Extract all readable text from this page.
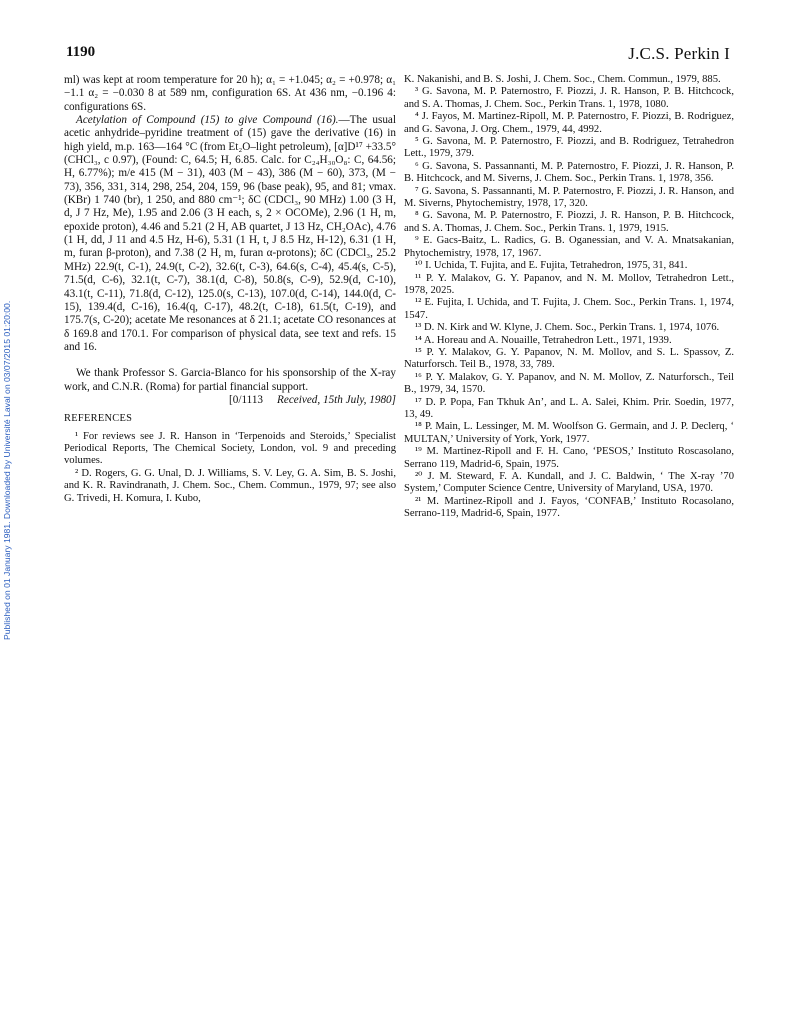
Published on 01 January 1981. Downloaded by Université Laval on 03/07/2015 01:20:00.
1190	J.C.S. Perkin I

ml) was kept at room temperature for 20 h); α₁ = +1.045; α₂ = +0.978; α₁ −1.1 α₂ = −0.030 8 at 589 nm, configuration 6S. At 436 nm, −0.196 4: configurations 6S.

Acetylation of Compound (15) to give Compound (16).—The usual acetic anhydride–pyridine treatment of (15) gave the derivative (16) in high yield, m.p. 163—164 °C (from Et₂O–light petroleum), [α]D¹⁷ +33.5° (CHCl₃, c 0.97), (Found: C, 64.5; H, 6.85. Calc. for C₂₄H₃₀O₈: C, 64.56; H, 6.77%); m/e 415 (M − 31), 403 (M − 43), 386 (M − 60), 373, (M − 73), 356, 331, 314, 298, 254, 204, 159, 96 (base peak), 95, and 81; νmax. (KBr) 1 740 (br), 1 250, and 880 cm⁻¹; δC (CDCl₃, 90 MHz) 1.00 (3 H, d, J 7 Hz, Me), 1.95 and 2.06 (3 H each, s, 2 × OCOMe), 2.96 (1 H, m, epoxide proton), 4.46 and 5.21 (2 H, AB quartet, J 13 Hz, CH₂OAc), 4.76 (1 H, dd, J 11 and 4.5 Hz, H-6), 5.31 (1 H, t, J 8.5 Hz, H-12), 6.31 (1 H, m, furan β-proton), and 7.38 (2 H, m, furan α-protons); δC (CDCl₃, 25.2 MHz) 22.9(t, C-1), 24.9(t, C-2), 32.6(t, C-3), 64.6(s, C-4), 45.4(s, C-5), 71.5(d, C-6), 32.1(t, C-7), 38.1(d, C-8), 50.8(s, C-9), 52.9(d, C-10), 43.1(t, C-11), 71.8(d, C-12), 125.0(s, C-13), 107.0(d, C-14), 144.0(d, C-15), 139.4(d, C-16), 16.4(q, C-17), 48.2(t, C-18), 61.5(t, C-19), and 175.7(s, C-20); acetate Me resonances at δ 21.1; acetate CO resonances at δ 169.8 and 170.1. For comparison of physical data, see text and refs. 15 and 16.

We thank Professor S. Garcia-Blanco for his sponsorship of the X-ray work, and C.N.R. (Roma) for partial financial support.

[0/1113 Received, 15th July, 1980]

REFERENCES

¹ For reviews see J. R. Hanson in ‘Terpenoids and Steroids,’ Specialist Periodical Reports, The Chemical Society, London, vol. 9 and preceding volumes.

² D. Rogers, G. G. Unal, D. J. Williams, S. V. Ley, G. A. Sim, B. S. Joshi, and K. R. Ravindranath, J. Chem. Soc., Chem. Commun., 1979, 97; see also G. Trivedi, H. Komura, I. Kubo,

K. Nakanishi, and B. S. Joshi, J. Chem. Soc., Chem. Commun., 1979, 885.

³ G. Savona, M. P. Paternostro, F. Piozzi, J. R. Hanson, P. B. Hitchcock, and S. A. Thomas, J. Chem. Soc., Perkin Trans. 1, 1978, 1080.

⁴ J. Fayos, M. Martinez-Ripoll, M. P. Paternostro, F. Piozzi, B. Rodriguez, and G. Savona, J. Org. Chem., 1979, 44, 4992.

⁵ G. Savona, M. P. Paternostro, F. Piozzi, and B. Rodriguez, Tetrahedron Lett., 1979, 379.

⁶ G. Savona, S. Passannanti, M. P. Paternostro, F. Piozzi, J. R. Hanson, P. B. Hitchcock, and M. Siverns, J. Chem. Soc., Perkin Trans. 1, 1978, 356.

⁷ G. Savona, S. Passannanti, M. P. Paternostro, F. Piozzi, J. R. Hanson, and M. Siverns, Phytochemistry, 1978, 17, 320.

⁸ G. Savona, M. P. Paternostro, F. Piozzi, J. R. Hanson, P. B. Hitchcock, and S. A. Thomas, J. Chem. Soc., Perkin Trans. 1, 1979, 1915.

⁹ E. Gacs-Baitz, L. Radics, G. B. Oganessian, and V. A. Mnatsakanian, Phytochemistry, 1978, 17, 1967.

¹⁰ I. Uchida, T. Fujita, and E. Fujita, Tetrahedron, 1975, 31, 841.

¹¹ P. Y. Malakov, G. Y. Papanov, and N. M. Mollov, Tetrahedron Lett., 1978, 2025.

¹² E. Fujita, I. Uchida, and T. Fujita, J. Chem. Soc., Perkin Trans. 1, 1974, 1547.

¹³ D. N. Kirk and W. Klyne, J. Chem. Soc., Perkin Trans. 1, 1974, 1076.

¹⁴ A. Horeau and A. Nouaille, Tetrahedron Lett., 1971, 1939.

¹⁵ P. Y. Malakov, G. Y. Papanov, N. M. Mollov, and S. L. Spassov, Z. Naturforsch. Teil B., 1978, 33, 789.

¹⁶ P. Y. Malakov, G. Y. Papanov, and N. M. Mollov, Z. Naturforsch., Teil B., 1979, 34, 1570.

¹⁷ D. P. Popa, Fan Tkhuk An’, and L. A. Salei, Khim. Prir. Soedin, 1977, 13, 49.

¹⁸ P. Main, L. Lessinger, M. M. Woolfson G. Germain, and J. P. Declerq, ‘ MULTAN,’ University of York, York, 1977.

¹⁹ M. Martinez-Ripoll and F. H. Cano, ‘PESOS,’ Instituto Roscasolano, Serrano 119, Madrid-6, Spain, 1975.

²⁰ J. M. Steward, F. A. Kundall, and J. C. Baldwin, ‘ The X-ray ’70 System,’ Computer Science Centre, University of Maryland, USA, 1970.

²¹ M. Martinez-Ripoll and J. Fayos, ‘CONFAB,’ Instituto Rocasolano, Serrano-119, Madrid-6, Spain, 1977.
